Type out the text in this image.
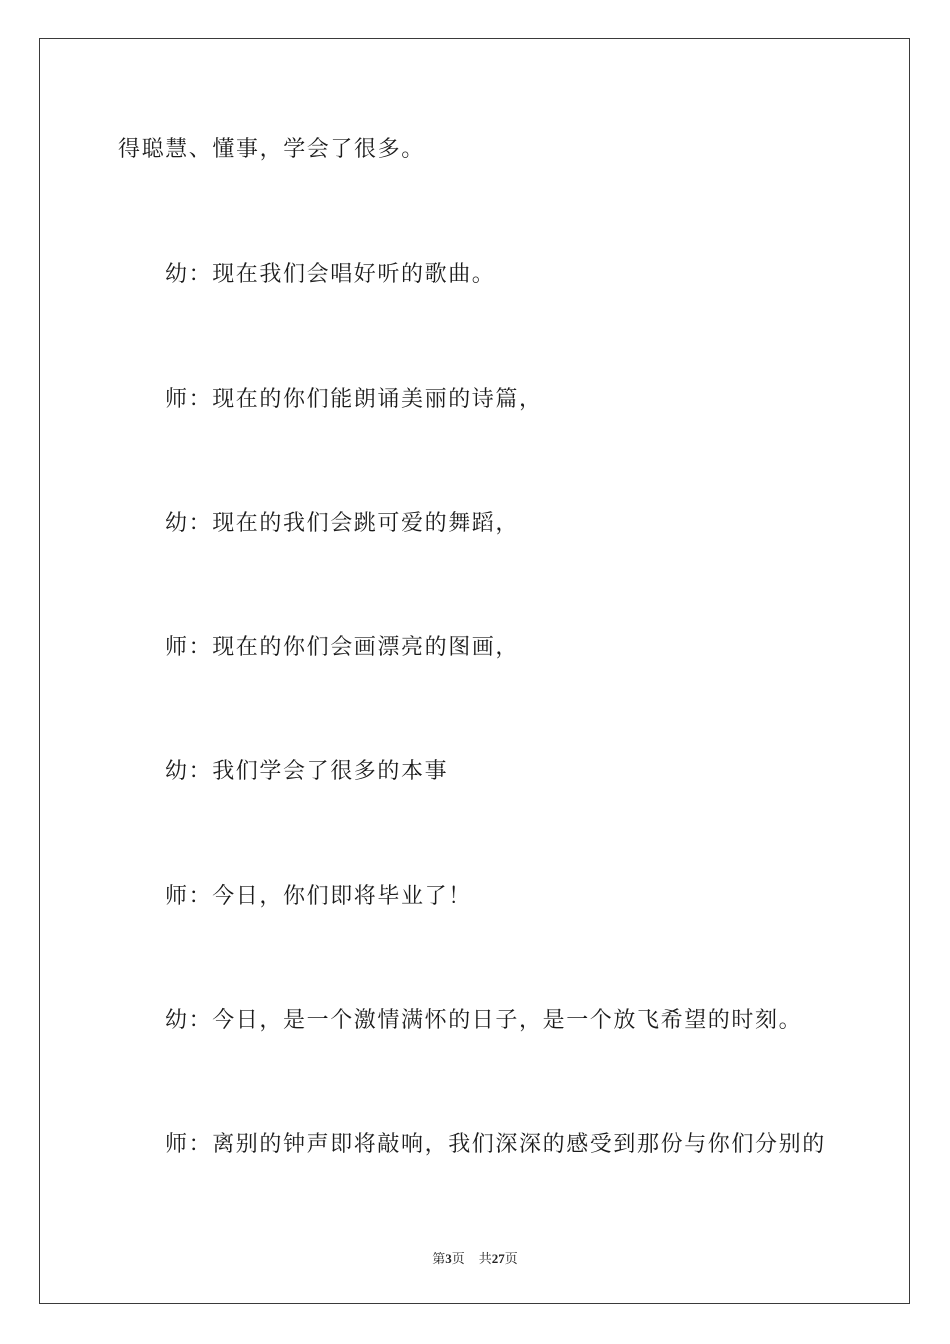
得聪慧、懂事，学会了很多。

幼：现在我们会唱好听的歌曲。

师：现在的你们能朗诵美丽的诗篇，

幼：现在的我们会跳可爱的舞蹈，

师：现在的你们会画漂亮的图画，

幼：我们学会了很多的本事

师：今日，你们即将毕业了！

幼：今日，是一个激情满怀的日子，是一个放飞希望的时刻。

师：离别的钟声即将敲响，我们深深的感受到那份与你们分别的

第3页 共27页
